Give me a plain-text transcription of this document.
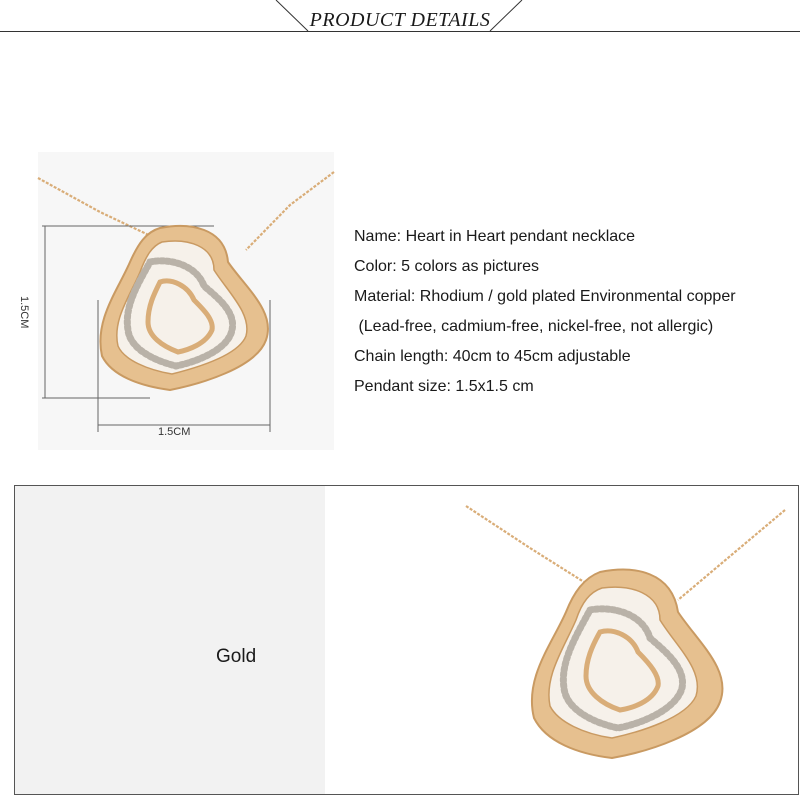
PRODUCT DETAILS
1.5CM
1.5CM
Name: Heart in Heart pendant necklace
Color: 5 colors as pictures
Material: Rhodium / gold plated Environmental copper
(Lead-free, cadmium-free, nickel-free, not allergic)
Chain length: 40cm to 45cm adjustable
Pendant size: 1.5x1.5 cm
Gold
